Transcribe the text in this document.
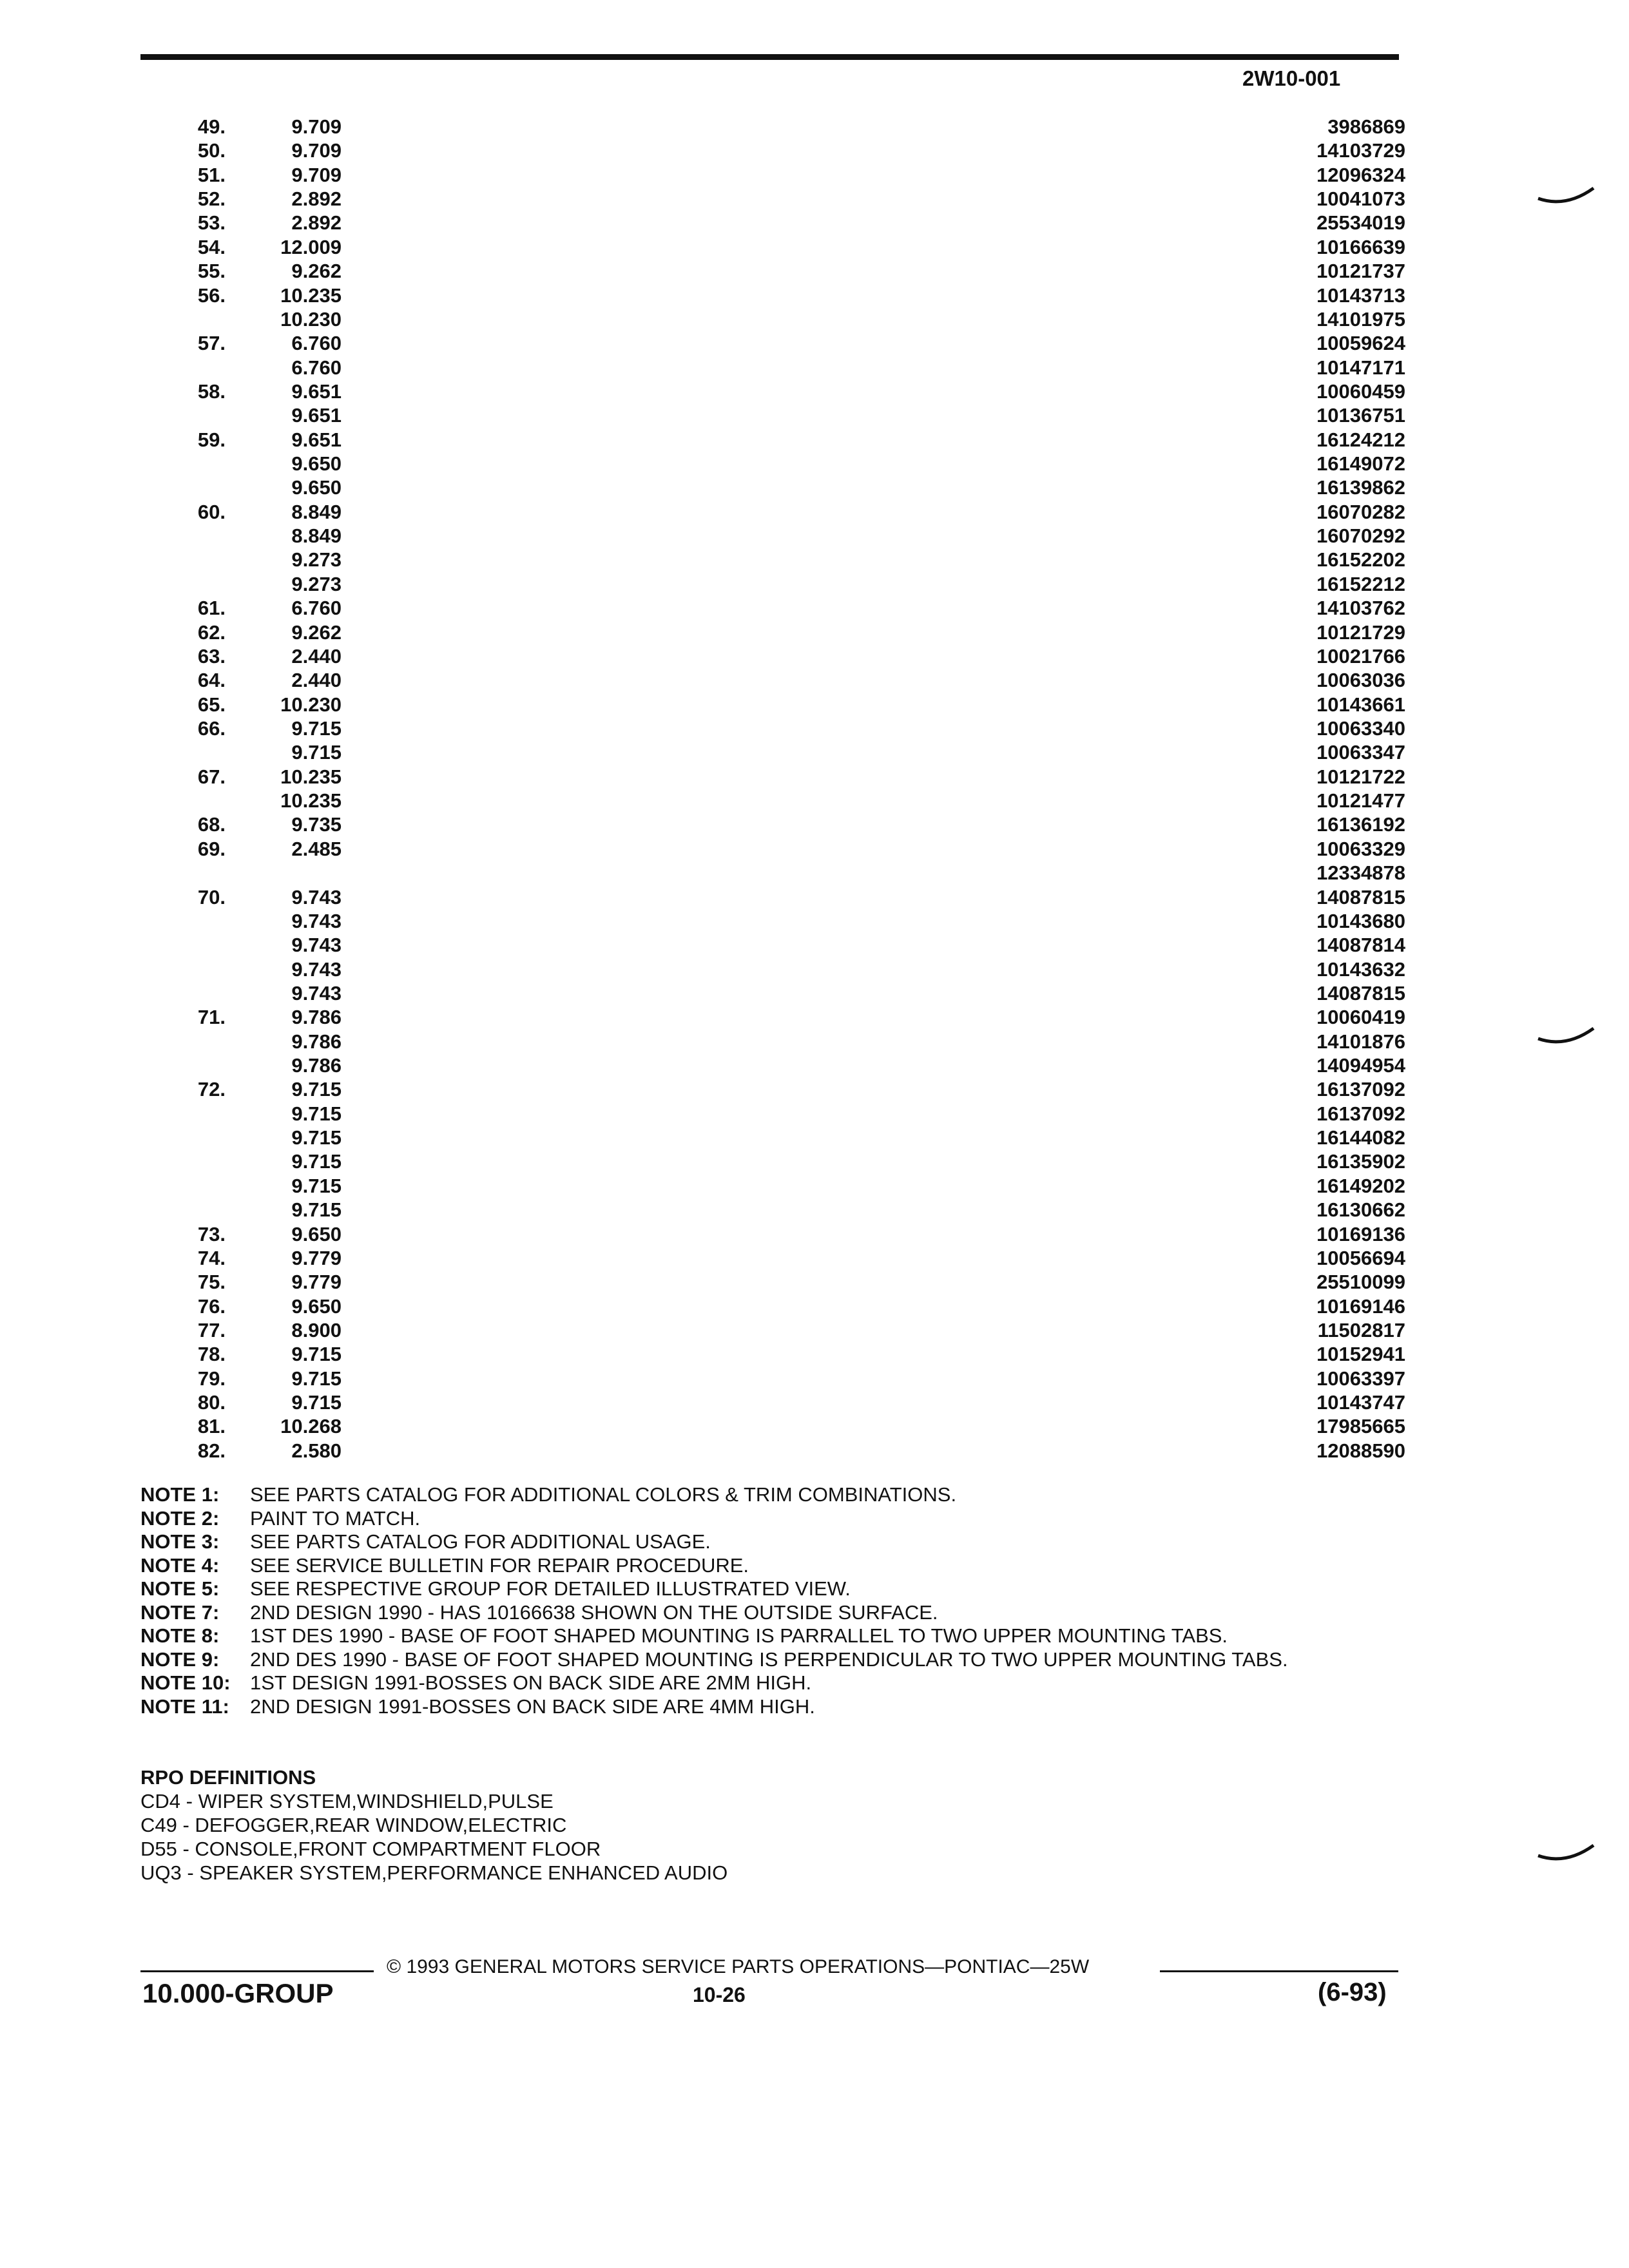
2W10-001
49.	9.709	3986869
50.	9.709	14103729
51.	9.709	12096324
52.	2.892	10041073
53.	2.892	25534019
54.	12.009	10166639
55.	9.262	10121737
56.	10.235	10143713
10.230	14101975
57.	6.760	10059624
6.760	10147171
58.	9.651	10060459
9.651	10136751
59.	9.651	16124212
9.650	16149072
9.650	16139862
60.	8.849	16070282
8.849	16070292
9.273	16152202
9.273	16152212
61.	6.760	14103762
62.	9.262	10121729
63.	2.440	10021766
64.	2.440	10063036
65.	10.230	10143661
66.	9.715	10063340
9.715	10063347
67.	10.235	10121722
10.235	10121477
68.	9.735	16136192
69.	2.485	10063329
12334878
70.	9.743	14087815
9.743	10143680
9.743	14087814
9.743	10143632
9.743	14087815
71.	9.786	10060419
9.786	14101876
9.786	14094954
72.	9.715	16137092
9.715	16137092
9.715	16144082
9.715	16135902
9.715	16149202
9.715	16130662
73.	9.650	10169136
74.	9.779	10056694
75.	9.779	25510099
76.	9.650	10169146
77.	8.900	11502817
78.	9.715	10152941
79.	9.715	10063397
80.	9.715	10143747
81.	10.268	17985665
82.	2.580	12088590
NOTE 1:	SEE PARTS CATALOG FOR ADDITIONAL COLORS & TRIM COMBINATIONS.
NOTE 2:	PAINT TO MATCH.
NOTE 3:	SEE PARTS CATALOG FOR ADDITIONAL USAGE.
NOTE 4:	SEE SERVICE BULLETIN FOR REPAIR PROCEDURE.
NOTE 5:	SEE RESPECTIVE GROUP FOR DETAILED ILLUSTRATED VIEW.
NOTE 7:	2ND DESIGN 1990 - HAS 10166638 SHOWN ON THE OUTSIDE SURFACE.
NOTE 8:	1ST DES 1990 - BASE OF FOOT SHAPED MOUNTING IS PARRALLEL TO TWO UPPER MOUNTING TABS.
NOTE 9:	2ND DES 1990 - BASE OF FOOT SHAPED MOUNTING IS PERPENDICULAR TO TWO UPPER MOUNTING TABS.
NOTE 10: 1ST DESIGN 1991-BOSSES ON BACK SIDE ARE 2MM HIGH.
NOTE 11:	2ND DESIGN 1991-BOSSES ON BACK SIDE ARE 4MM HIGH.
RPO DEFINITIONS
CD4 - WIPER SYSTEM,WINDSHIELD,PULSE
C49 - DEFOGGER,REAR WINDOW,ELECTRIC
D55 - CONSOLE,FRONT COMPARTMENT FLOOR
UQ3 - SPEAKER SYSTEM,PERFORMANCE ENHANCED AUDIO
© 1993 GENERAL MOTORS SERVICE PARTS OPERATIONS—PONTIAC—25W
10.000-GROUP	10-26	(6-93)
